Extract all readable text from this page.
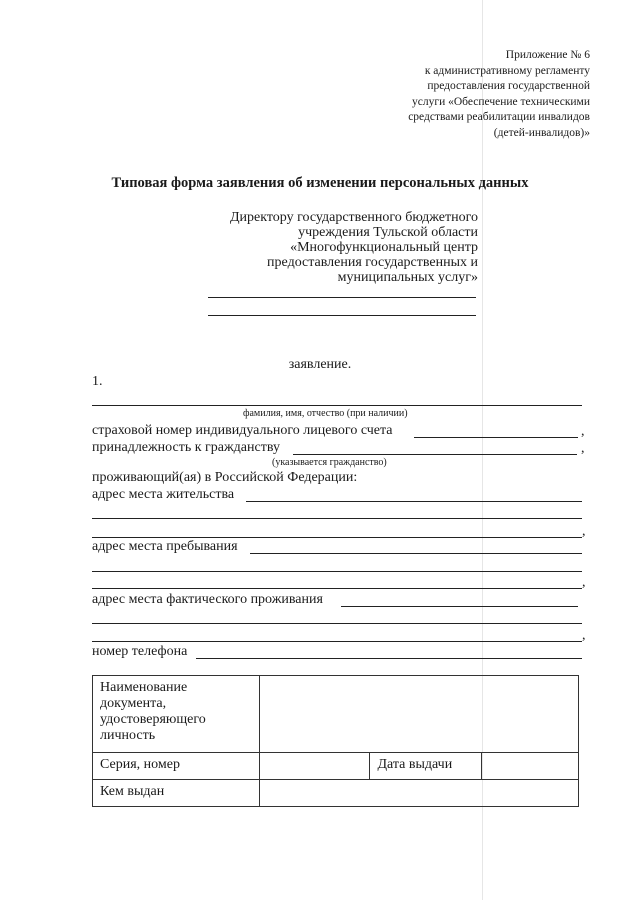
Приложение № 6
к административному регламенту
предоставления государственной
услуги «Обеспечение техническими
средствами реабилитации инвалидов
(детей-инвалидов)»
Типовая форма заявления об изменении персональных данных
Директору государственного бюджетного
учреждения Тульской области
«Многофункциональный центр
предоставления государственных и
муниципальных услуг»
заявление.
1.
фамилия, имя, отчество (при наличии)
страховой номер индивидуального лицевого счета	,
принадлежность к гражданству	,
(указывается гражданство)
проживающий(ая) в Российской Федерации:
адрес места жительства
,
адрес места пребывания
,
адрес места фактического проживания
,
номер телефона
Наименование документа, удостоверяющего личность			
Серия, номер		Дата выдачи	
Кем выдан			
